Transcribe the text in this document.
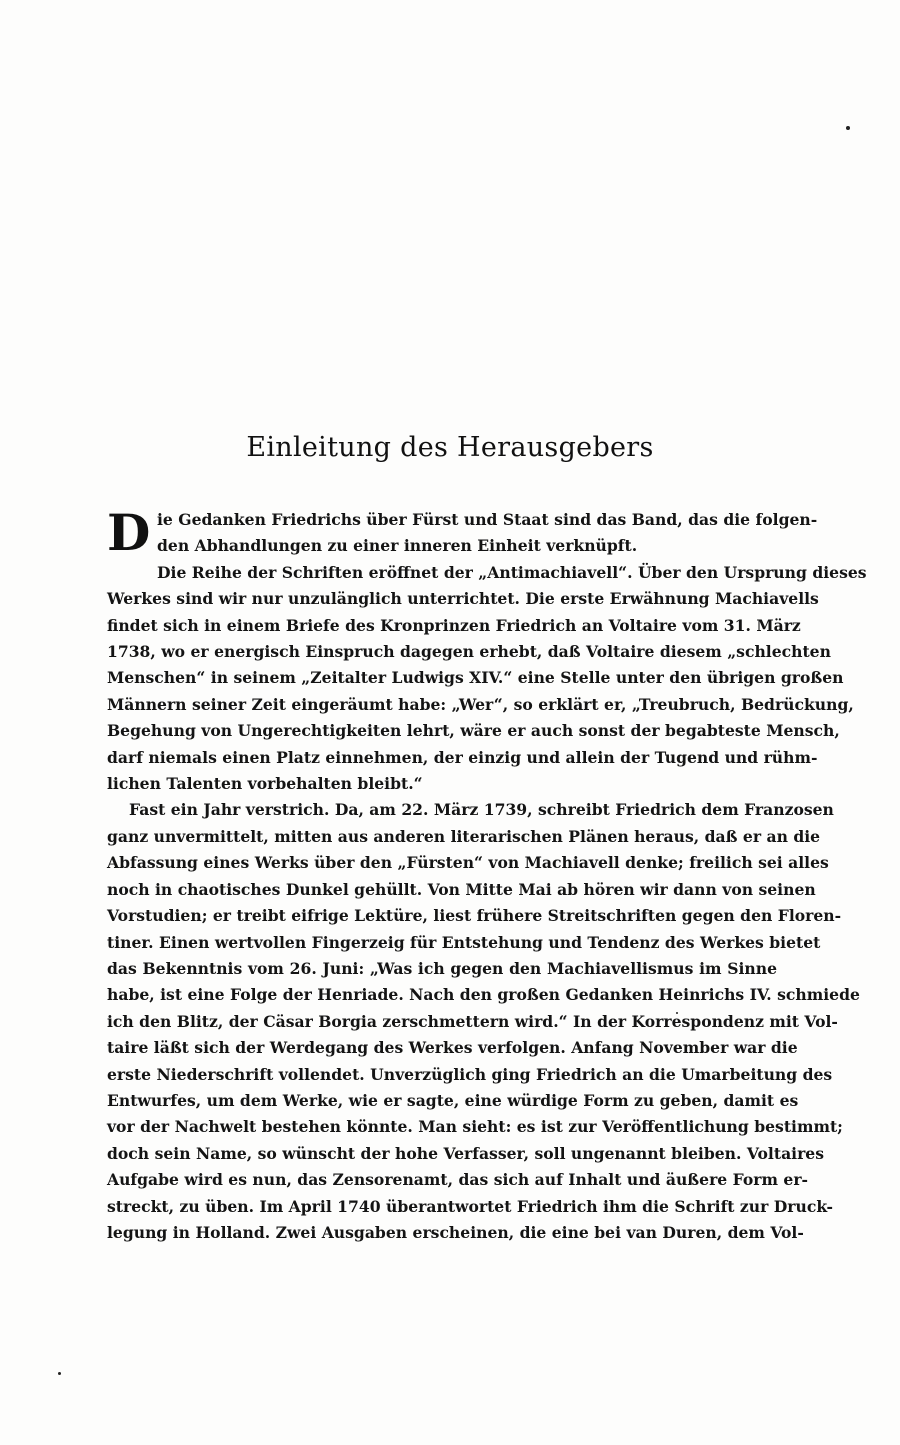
Einleitung des Herausgebers
D ie Gedanken Friedrichs über Fürst und Staat sind das Band, das die folgen-
den Abhandlungen zu einer inneren Einheit verknüpft.
Die Reihe der Schriften eröffnet der „Antimachiavell“. Über den Ursprung dieses
Werkes sind wir nur unzulänglich unterrichtet. Die erste Erwähnung Machiavells
findet sich in einem Briefe des Kronprinzen Friedrich an Voltaire vom 31. März
1738, wo er energisch Einspruch dagegen erhebt, daß Voltaire diesem „schlechten
Menschen“ in seinem „Zeitalter Ludwigs XIV.“ eine Stelle unter den übrigen großen
Männern seiner Zeit eingeräumt habe: „Wer“, so erklärt er, „Treubruch, Bedrückung,
Begehung von Ungerechtigkeiten lehrt, wäre er auch sonst der begabteste Mensch,
darf niemals einen Platz einnehmen, der einzig und allein der Tugend und rühm-
lichen Talenten vorbehalten bleibt.“
Fast ein Jahr verstrich. Da, am 22. März 1739, schreibt Friedrich dem Franzosen
ganz unvermittelt, mitten aus anderen literarischen Plänen heraus, daß er an die
Abfassung eines Werks über den „Fürsten“ von Machiavell denke; freilich sei alles
noch in chaotisches Dunkel gehüllt. Von Mitte Mai ab hören wir dann von seinen
Vorstudien; er treibt eifrige Lektüre, liest frühere Streitschriften gegen den Floren-
tiner. Einen wertvollen Fingerzeig für Entstehung und Tendenz des Werkes bietet
das Bekenntnis vom 26. Juni: „Was ich gegen den Machiavellismus im Sinne
habe, ist eine Folge der Henriade. Nach den großen Gedanken Heinrichs IV. schmiede
ich den Blitz, der Cäsar Borgia zerschmettern wird.“ In der Korrespondenz mit Vol-
taire läßt sich der Werdegang des Werkes verfolgen. Anfang November war die
erste Niederschrift vollendet. Unverzüglich ging Friedrich an die Umarbeitung des
Entwurfes, um dem Werke, wie er sagte, eine würdige Form zu geben, damit es
vor der Nachwelt bestehen könnte. Man sieht: es ist zur Veröffentlichung bestimmt;
doch sein Name, so wünscht der hohe Verfasser, soll ungenannt bleiben. Voltaires
Aufgabe wird es nun, das Zensorenamt, das sich auf Inhalt und äußere Form er-
streckt, zu üben. Im April 1740 überantwortet Friedrich ihm die Schrift zur Druck-
legung in Holland. Zwei Ausgaben erscheinen, die eine bei van Duren, dem Vol-
